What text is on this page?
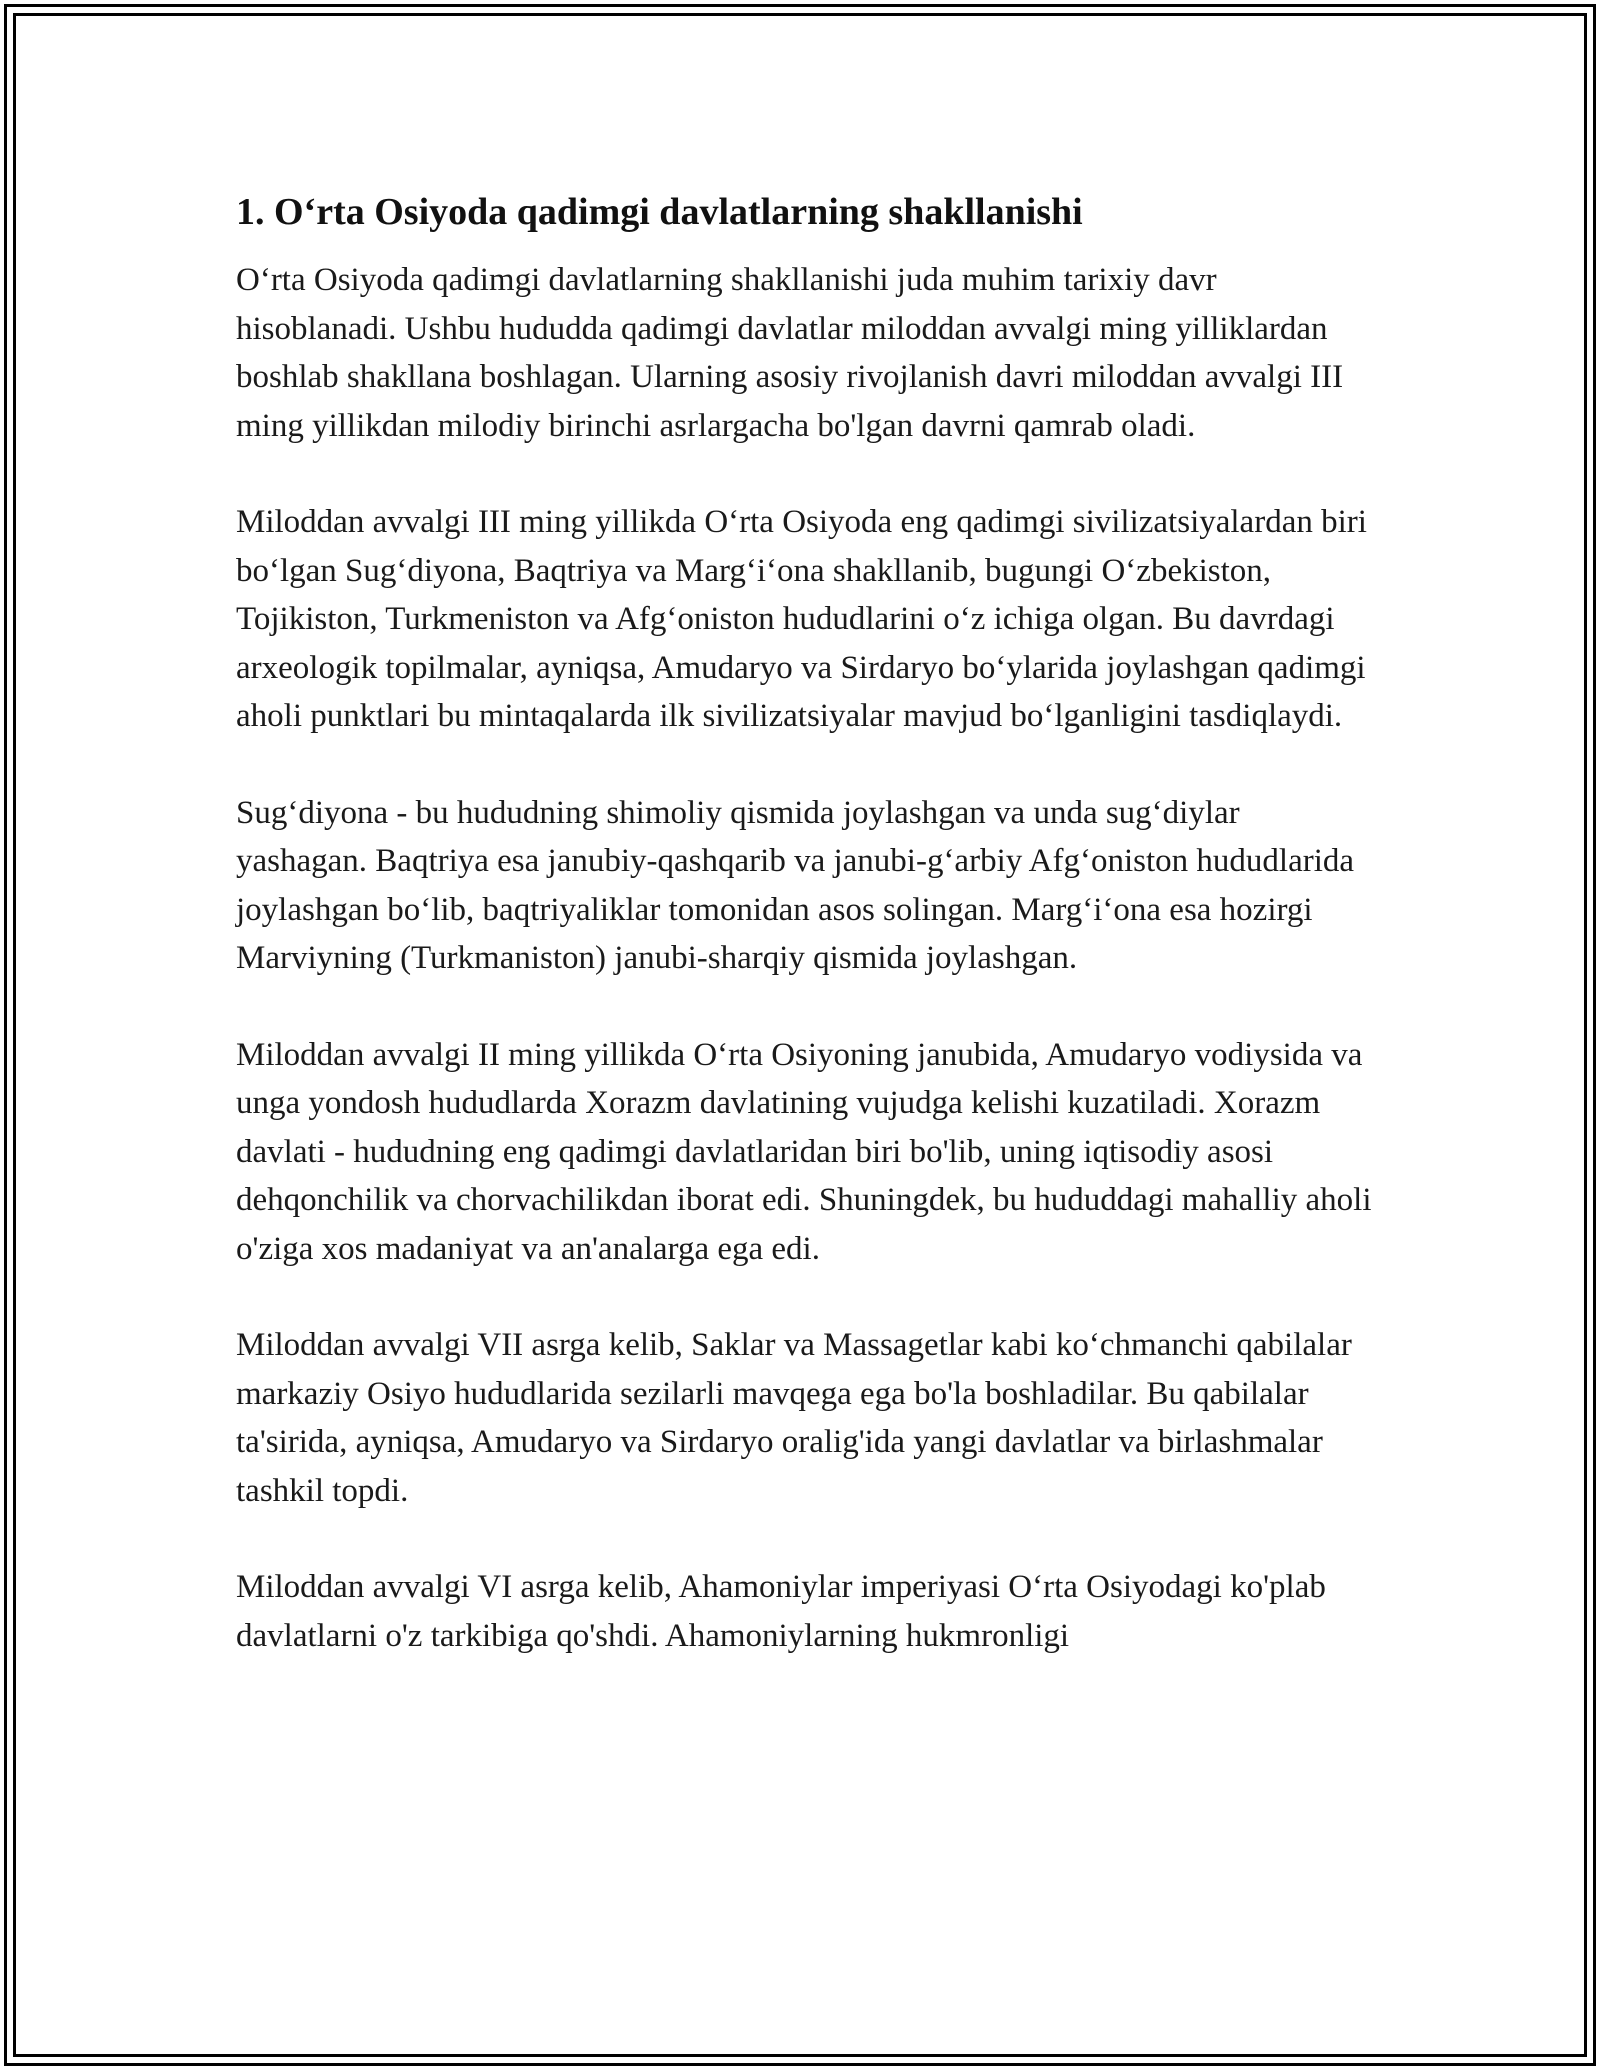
1. O‘rta Osiyoda qadimgi davlatlarning shakllanishi

O‘rta Osiyoda qadimgi davlatlarning shakllanishi juda muhim tarixiy davr hisoblanadi. Ushbu hududda qadimgi davlatlar miloddan avvalgi ming yilliklardan boshlab shakllana boshlagan. Ularning asosiy rivojlanish davri miloddan avvalgi III ming yillikdan milodiy birinchi asrlargacha bo'lgan davrni qamrab oladi.

Miloddan avvalgi III ming yillikda O‘rta Osiyoda eng qadimgi sivilizatsiyalardan biri bo‘lgan Sug‘diyona, Baqtriya va Marg‘i‘ona shakllanib, bugungi O‘zbekiston, Tojikiston, Turkmeniston va Afg‘oniston hududlarini o‘z ichiga olgan. Bu davrdagi arxeologik topilmalar, ayniqsa, Amudaryo va Sirdaryo bo‘ylarida joylashgan qadimgi aholi punktlari bu mintaqalarda ilk sivilizatsiyalar mavjud bo‘lganligini tasdiqlaydi.

Sug‘diyona - bu hududning shimoliy qismida joylashgan va unda sug‘diylar yashagan. Baqtriya esa janubiy-qashqarib va janubi-g‘arbiy Afg‘oniston hududlarida joylashgan bo‘lib, baqtriyaliklar tomonidan asos solingan. Marg‘i‘ona esa hozirgi Marviyning (Turkmaniston) janubi-sharqiy qismida joylashgan.

Miloddan avvalgi II ming yillikda O‘rta Osiyoning janubida, Amudaryo vodiysida va unga yondosh hududlarda Xorazm davlatining vujudga kelishi kuzatiladi. Xorazm davlati - hududning eng qadimgi davlatlaridan biri bo'lib, uning iqtisodiy asosi dehqonchilik va chorvachilikdan iborat edi. Shuningdek, bu hududdagi mahalliy aholi o'ziga xos madaniyat va an'analarga ega edi.

Miloddan avvalgi VII asrga kelib, Saklar va Massagetlar kabi ko‘chmanchi qabilalar markaziy Osiyo hududlarida sezilarli mavqega ega bo'la boshladilar. Bu qabilalar ta'sirida, ayniqsa, Amudaryo va Sirdaryo oralig'ida yangi davlatlar va birlashmalar tashkil topdi.

Miloddan avvalgi VI asrga kelib, Ahamoniylar imperiyasi O‘rta Osiyodagi ko'plab davlatlarni o'z tarkibiga qo'shdi. Ahamoniylarning hukmronligi
